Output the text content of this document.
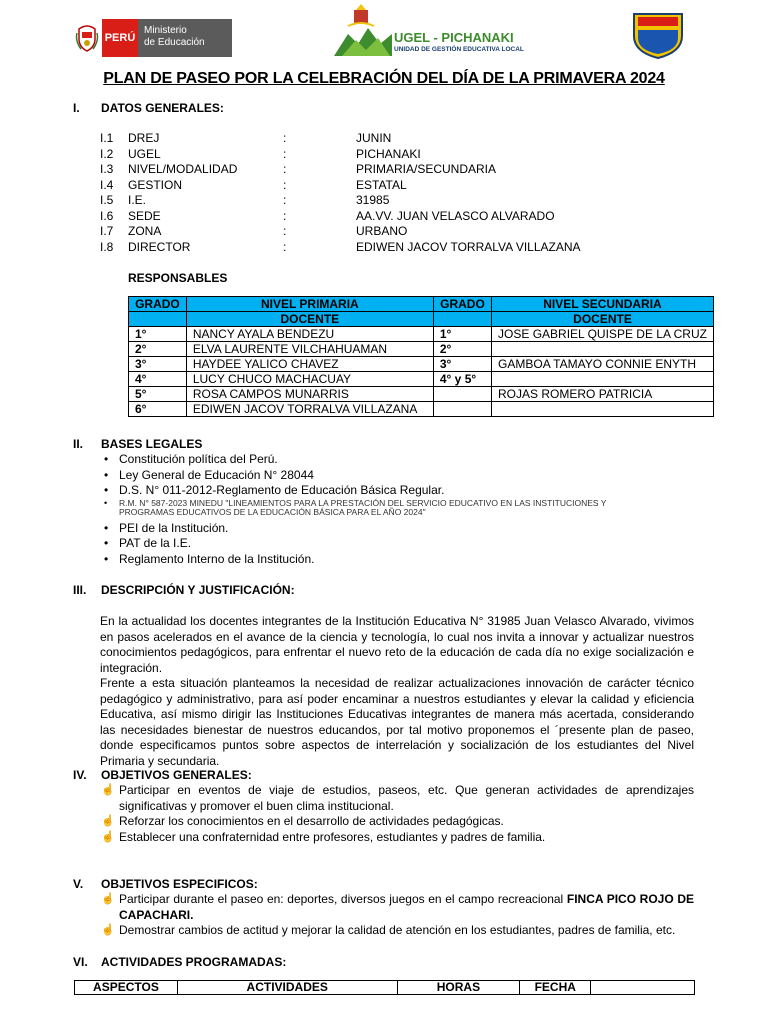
PERÚ
Ministerio
de Educación	UGEL - PICHANAKI
UNIDAD DE GESTIÓN EDUCATIVA LOCAL
PLAN DE PASEO POR LA CELEBRACIÓN DEL DÍA DE LA PRIMAVERA 2024
I. DATOS GENERALES:
I.1 DREJ	:	JUNIN
I.2 UGEL	:	PICHANAKI
I.3 NIVEL/MODALIDAD	:	PRIMARIA/SECUNDARIA
I.4 GESTION	:	ESTATAL
I.5 I.E.	:	31985
I.6 SEDE	:	AA.VV. JUAN VELASCO ALVARADO
I.7 ZONA	:	URBANO
I.8 DIRECTOR	:	EDIWEN JACOV TORRALVA VILLAZANA
RESPONSABLES
GRADO	NIVEL PRIMARIA	GRADO	NIVEL SECUNDARIA
	DOCENTE		DOCENTE
1°	NANCY AYALA BENDEZU	1°	JOSE GABRIEL QUISPE DE LA CRUZ
2°	ELVA LAURENTE VILCHAHUAMAN	2°	
3°	HAYDEE YALICO CHAVEZ	3°	GAMBOA TAMAYO CONNIE ENYTH
4°	LUCY CHUCO MACHACUAY	4° y 5°	
5°	ROSA CAMPOS MUNARRIS		ROJAS ROMERO PATRICIA
6°	EDIWEN JACOV TORRALVA VILLAZANA		
II. BASES LEGALES
• Constitución política del Perú.
• Ley General de Educación N° 28044
• D.S. N° 011-2012-Reglamento de Educación Básica Regular.
• R.M. N° 587-2023 MINEDU "LINEAMIENTOS PARA LA PRESTACIÓN DEL SERVICIO EDUCATIVO EN LAS INSTITUCIONES Y PROGRAMAS EDUCATIVOS DE LA EDUCACIÓN BÁSICA PARA EL AÑO 2024"
• PEI de la Institución.
• PAT de la I.E.
• Reglamento Interno de la Institución.
III. DESCRIPCIÓN Y JUSTIFICACIÓN:
En la actualidad los docentes integrantes de la Institución Educativa N° 31985 Juan Velasco Alvarado, vivimos en pasos acelerados en el avance de la ciencia y tecnología, lo cual nos invita a innovar y actualizar nuestros conocimientos pedagógicos, para enfrentar el nuevo reto de la educación de cada día no exige socialización e integración.
Frente a esta situación planteamos la necesidad de realizar actualizaciones innovación de carácter técnico pedagógico y administrativo, para así poder encaminar a nuestros estudiantes y elevar la calidad y eficiencia Educativa, así mismo dirigir las Instituciones Educativas integrantes de manera más acertada, considerando las necesidades bienestar de nuestros educandos, por tal motivo proponemos el ´presente plan de paseo, donde especificamos puntos sobre aspectos de interrelación y socialización de los estudiantes del Nivel Primaria y secundaria.
IV. OBJETIVOS GENERALES:
☝ Participar en eventos de viaje de estudios, paseos, etc. Que generan actividades de aprendizajes significativas y promover el buen clima institucional.
☝ Reforzar los conocimientos en el desarrollo de actividades pedagógicas.
☝ Establecer una confraternidad entre profesores, estudiantes y padres de familia.
V. OBJETIVOS ESPECIFICOS:
☝ Participar durante el paseo en: deportes, diversos juegos en el campo recreacional FINCA PICO ROJO DE CAPACHARI.
☝ Demostrar cambios de actitud y mejorar la calidad de atención en los estudiantes, padres de familia, etc.
VI. ACTIVIDADES PROGRAMADAS:
ASPECTOS	ACTIVIDADES	HORAS	FECHA	
